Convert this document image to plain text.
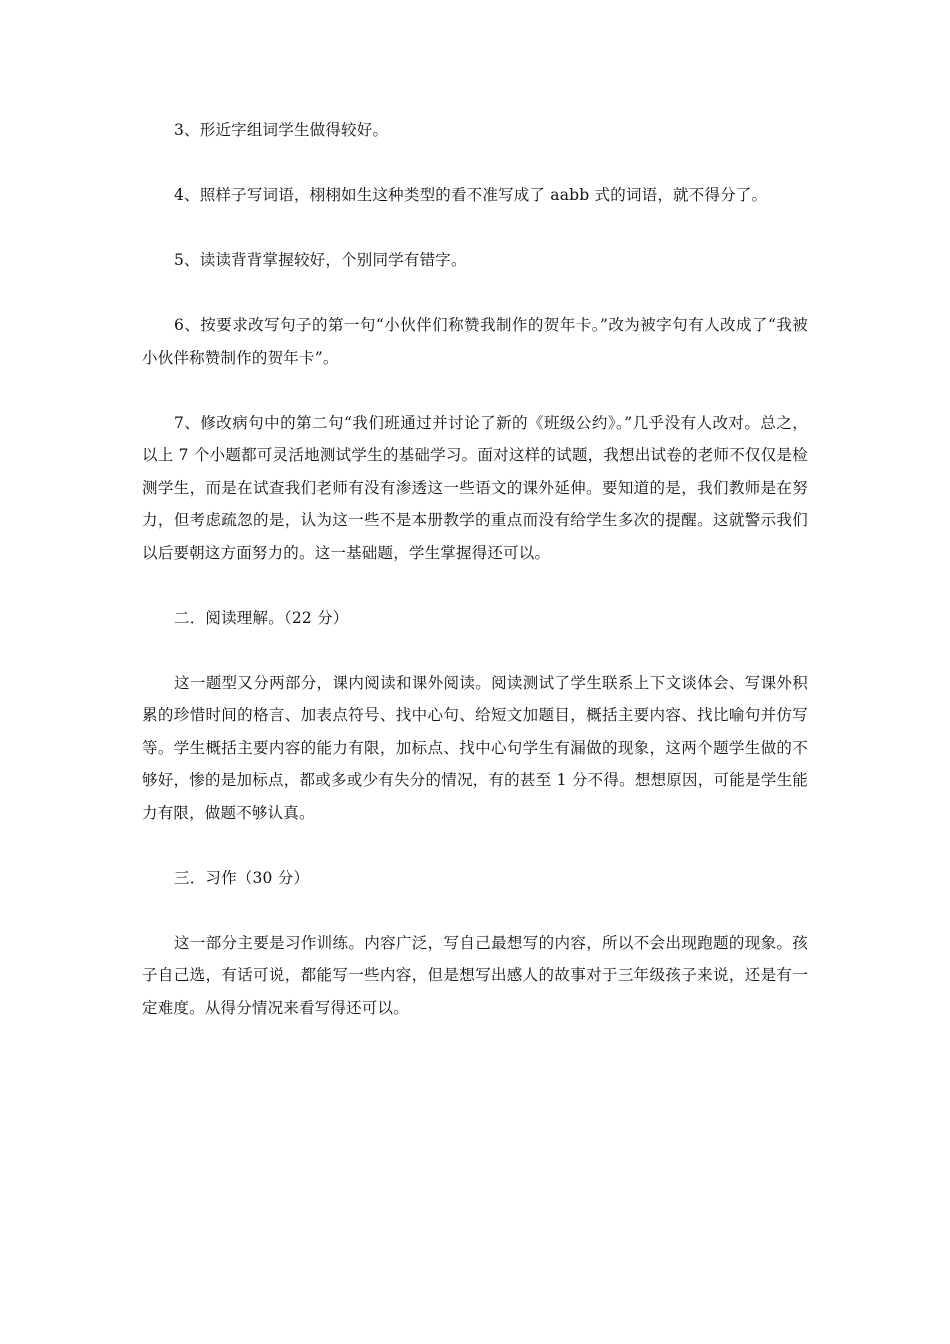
3、形近字组词学生做得较好。

4、照样子写词语，栩栩如生这种类型的看不准写成了 aabb 式的词语，就不得分了。

5、读读背背掌握较好，个别同学有错字。

6、按要求改写句子的第一句“小伙伴们称赞我制作的贺年卡。”改为被字句有人改成了“我被小伙伴称赞制作的贺年卡”。

7、修改病句中的第二句“我们班通过并讨论了新的《班级公约》。”几乎没有人改对。总之，以上 7 个小题都可灵活地测试学生的基础学习。面对这样的试题，我想出试卷的老师不仅仅是检测学生，而是在试查我们老师有没有渗透这一些语文的课外延伸。要知道的是，我们教师是在努力，但考虑疏忽的是，认为这一些不是本册教学的重点而没有给学生多次的提醒。这就警示我们以后要朝这方面努力的。这一基础题，学生掌握得还可以。

二．阅读理解。（22 分）

这一题型又分两部分，课内阅读和课外阅读。阅读测试了学生联系上下文谈体会、写课外积累的珍惜时间的格言、加表点符号、找中心句、给短文加题目，概括主要内容、找比喻句并仿写等。学生概括主要内容的能力有限，加标点、找中心句学生有漏做的现象，这两个题学生做的不够好，惨的是加标点，都或多或少有失分的情况，有的甚至 1 分不得。想想原因，可能是学生能力有限，做题不够认真。

三．习作（30 分）

这一部分主要是习作训练。内容广泛，写自己最想写的内容，所以不会出现跑题的现象。孩子自己选，有话可说，都能写一些内容，但是想写出感人的故事对于三年级孩子来说，还是有一定难度。从得分情况来看写得还可以。
